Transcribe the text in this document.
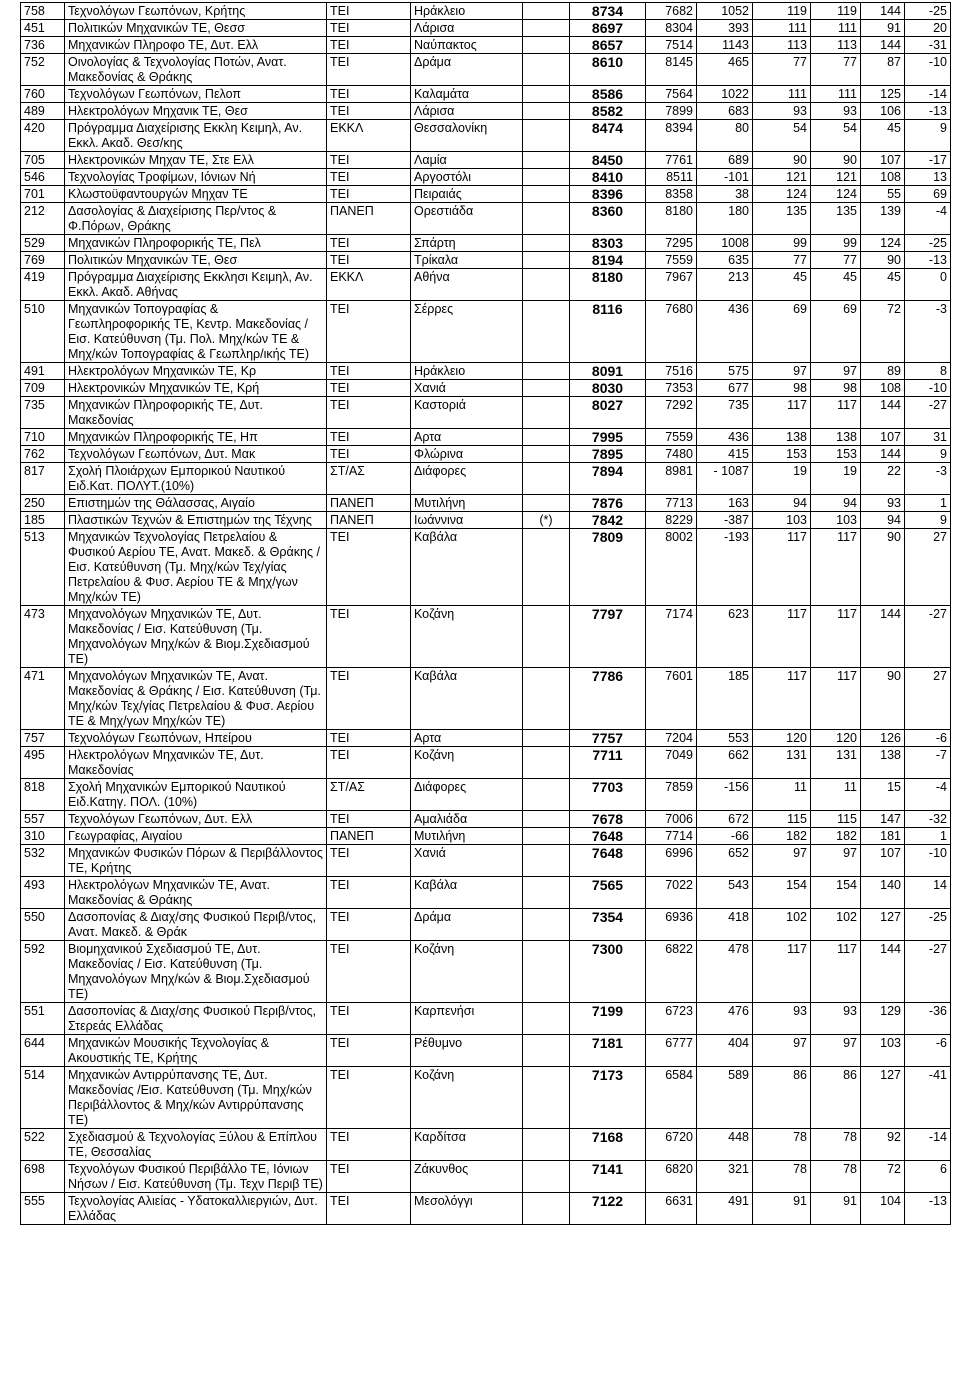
758	Τεχνολόγων Γεωπόνων, Κρήτης	ΤΕΙ	Ηράκλειο		8734	7682	1052	119	119	144	-25
451	Πολιτικών Μηχανικών ΤΕ, Θεσσ	ΤΕΙ	Λάρισα		8697	8304	393	111	111	91	20
736	Μηχανικών Πληροφο ΤΕ, Δυτ. Ελλ	ΤΕΙ	Ναύπακτος		8657	7514	1143	113	113	144	-31
752	Οινολογίας & Τεχνολογίας Ποτών, Ανατ. Μακεδονίας & Θράκης	ΤΕΙ	Δράμα		8610	8145	465	77	77	87	-10
760	Τεχνολόγων Γεωπόνων, Πελοπ	ΤΕΙ	Καλαμάτα		8586	7564	1022	111	111	125	-14
489	Ηλεκτρολόγων Μηχανικ ΤΕ, Θεσ	ΤΕΙ	Λάρισα		8582	7899	683	93	93	106	-13
420	Πρόγραμμα Διαχείρισης Εκκλη Κειμηλ, Αν. Εκκλ. Ακαδ. Θεσ/κης	ΕΚΚΛ	Θεσσαλονίκη		8474	8394	80	54	54	45	9
705	Ηλεκτρονικών Μηχαν ΤΕ, Στε Ελλ	ΤΕΙ	Λαμία		8450	7761	689	90	90	107	-17
546	Τεχνολογίας Τροφίμων, Ιόνιων Νή	ΤΕΙ	Αργοστόλι		8410	8511	-101	121	121	108	13
701	Κλωστοϋφαντουργών Μηχαν ΤΕ	ΤΕΙ	Πειραιάς		8396	8358	38	124	124	55	69
212	Δασολογίας & Διαχείρισης Περ/ντος & Φ.Πόρων, Θράκης	ΠΑΝΕΠ	Ορεστιάδα		8360	8180	180	135	135	139	-4
529	Μηχανικών Πληροφορικής ΤΕ, Πελ	ΤΕΙ	Σπάρτη		8303	7295	1008	99	99	124	-25
769	Πολιτικών Μηχανικών ΤΕ, Θεσ	ΤΕΙ	Τρίκαλα		8194	7559	635	77	77	90	-13
419	Πρόγραμμα Διαχείρισης Εκκλησι Κειμηλ, Αν. Εκκλ. Ακαδ. Αθήνας	ΕΚΚΛ	Αθήνα		8180	7967	213	45	45	45	0
510	Μηχανικών Τοπογραφίας & Γεωπληροφορικής ΤΕ, Κεντρ. Μακεδονίας / Εισ. Κατεύθυνση (Τμ. Πολ. Μηχ/κών ΤΕ & Μηχ/κών Τοπογραφίας & Γεωπληρ/ικής ΤΕ)	ΤΕΙ	Σέρρες		8116	7680	436	69	69	72	-3
491	Ηλεκτρολόγων Μηχανικών ΤΕ, Κρ	ΤΕΙ	Ηράκλειο		8091	7516	575	97	97	89	8
709	Ηλεκτρονικών Μηχανικών ΤΕ, Κρή	ΤΕΙ	Χανιά		8030	7353	677	98	98	108	-10
735	Μηχανικών Πληροφορικής ΤΕ, Δυτ. Μακεδονίας	ΤΕΙ	Καστοριά		8027	7292	735	117	117	144	-27
710	Μηχανικών Πληροφορικής ΤΕ, Ηπ	ΤΕΙ	Αρτα		7995	7559	436	138	138	107	31
762	Τεχνολόγων Γεωπόνων, Δυτ. Μακ	ΤΕΙ	Φλώρινα		7895	7480	415	153	153	144	9
817	Σχολή Πλοιάρχων Εμπορικού Ναυτικού Ειδ.Κατ. ΠΟΛΥΤ.(10%)	ΣΤ/ΑΣ	Διάφορες		7894	8981	- 1087	19	19	22	-3
250	Επιστημών της Θάλασσας, Αιγαίο	ΠΑΝΕΠ	Μυτιλήνη		7876	7713	163	94	94	93	1
185	Πλαστικών Τεχνών & Επιστημών της Τέχνης	ΠΑΝΕΠ	Ιωάννινα	(*)	7842	8229	-387	103	103	94	9
513	Μηχανικών Τεχνολογίας Πετρελαίου & Φυσικού Αερίου ΤΕ, Ανατ. Μακεδ. & Θράκης / Εισ. Κατεύθυνση (Τμ. Μηχ/κών Τεχ/γίας Πετρελαίου & Φυσ. Αερίου ΤΕ & Μηχ/γων Μηχ/κών ΤΕ)	ΤΕΙ	Καβάλα		7809	8002	-193	117	117	90	27
473	Μηχανολόγων Μηχανικών ΤΕ, Δυτ. Μακεδονίας / Εισ. Κατεύθυνση (Τμ. Μηχανολόγων Μηχ/κών & Βιομ.Σχεδιασμού ΤΕ)	ΤΕΙ	Κοζάνη		7797	7174	623	117	117	144	-27
471	Μηχανολόγων Μηχανικών ΤΕ, Ανατ. Μακεδονίας & Θράκης / Εισ. Κατεύθυνση (Τμ. Μηχ/κών Τεχ/γίας Πετρελαίου & Φυσ. Αερίου ΤΕ & Μηχ/γων Μηχ/κών ΤΕ)	ΤΕΙ	Καβάλα		7786	7601	185	117	117	90	27
757	Τεχνολόγων Γεωπόνων, Ηπείρου	ΤΕΙ	Αρτα		7757	7204	553	120	120	126	-6
495	Ηλεκτρολόγων Μηχανικών ΤΕ, Δυτ. Μακεδονίας	ΤΕΙ	Κοζάνη		7711	7049	662	131	131	138	-7
818	Σχολή Μηχανικών Εμπορικού Ναυτικού Ειδ.Κατηγ. ΠΟΛ. (10%)	ΣΤ/ΑΣ	Διάφορες		7703	7859	-156	11	11	15	-4
557	Τεχνολόγων Γεωπόνων, Δυτ. Ελλ	ΤΕΙ	Αμαλιάδα		7678	7006	672	115	115	147	-32
310	Γεωγραφίας, Αιγαίου	ΠΑΝΕΠ	Μυτιλήνη		7648	7714	-66	182	182	181	1
532	Μηχανικών Φυσικών Πόρων & Περιβάλλοντος ΤΕ, Κρήτης	ΤΕΙ	Χανιά		7648	6996	652	97	97	107	-10
493	Ηλεκτρολόγων Μηχανικών ΤΕ, Ανατ. Μακεδονίας & Θράκης	ΤΕΙ	Καβάλα		7565	7022	543	154	154	140	14
550	Δασοπονίας & Διαχ/σης Φυσικού Περιβ/ντος, Ανατ. Μακεδ. & Θράκ	ΤΕΙ	Δράμα		7354	6936	418	102	102	127	-25
592	Βιομηχανικού Σχεδιασμού ΤΕ, Δυτ. Μακεδονίας / Εισ. Κατεύθυνση (Τμ. Μηχανολόγων Μηχ/κών & Βιομ.Σχεδιασμού ΤΕ)	ΤΕΙ	Κοζάνη		7300	6822	478	117	117	144	-27
551	Δασοπονίας & Διαχ/σης Φυσικού Περιβ/ντος, Στερεάς Ελλάδας	ΤΕΙ	Καρπενήσι		7199	6723	476	93	93	129	-36
644	Μηχανικών Μουσικής Τεχνολογίας & Ακουστικής ΤΕ, Κρήτης	ΤΕΙ	Ρέθυμνο		7181	6777	404	97	97	103	-6
514	Μηχανικών Αντιρρύπανσης ΤΕ, Δυτ. Μακεδονίας /Εισ. Κατεύθυνση (Τμ. Μηχ/κών Περιβάλλοντος & Μηχ/κών Αντιρρύπανσης ΤΕ)	ΤΕΙ	Κοζάνη		7173	6584	589	86	86	127	-41
522	Σχεδιασμού & Τεχνολογίας Ξύλου & Επίπλου ΤΕ, Θεσσαλίας	ΤΕΙ	Καρδίτσα		7168	6720	448	78	78	92	-14
698	Τεχνολόγων Φυσικού Περιβάλλο ΤΕ, Ιόνιων Νήσων / Εισ. Κατεύθυνση (Τμ. Τεχν Περιβ ΤΕ)	ΤΕΙ	Ζάκυνθος		7141	6820	321	78	78	72	6
555	Τεχνολογίας Αλιείας - Υδατοκαλλιεργιών, Δυτ. Ελλάδας	ΤΕΙ	Μεσολόγγι		7122	6631	491	91	91	104	-13
